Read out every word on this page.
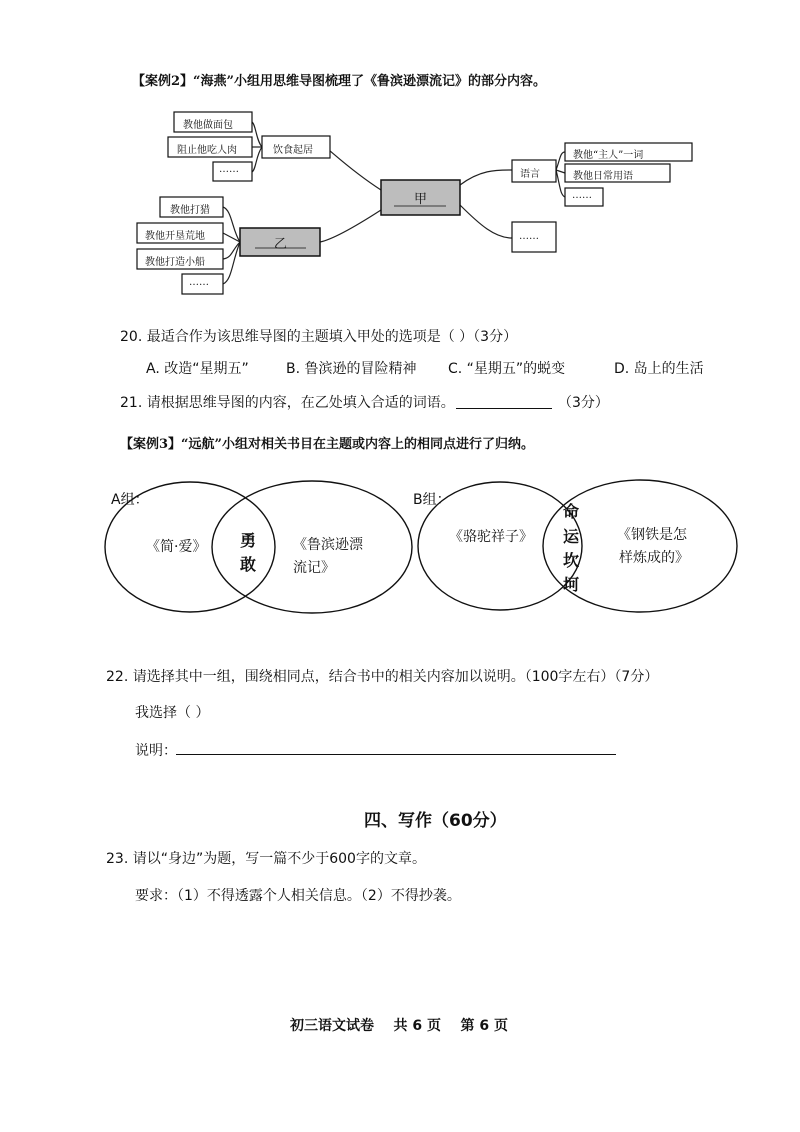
【案例2】“海燕”小组用思维导图梳理了《鲁滨逊漂流记》的部分内容。
教他做面包
阻止他吃人肉
……
饮食起居
甲
乙
教他打猎
教他开垦荒地
教他打造小船
……
语言
教他“主人”一词
教他日常用语
……
……
20. 最适合作为该思维导图的主题填入甲处的选项是（ ）（3分）
A. 改造“星期五”	B. 鲁滨逊的冒险精神 C. “星期五”的蜕变	D. 岛上的生活
21. 请根据思维导图的内容，在乙处填入合适的词语。	（3分）
【案例3】“远航”小组对相关书目在主题或内容上的相同点进行了归纳。
A组：
《简·爱》 勇
敢
《鲁滨逊漂
流记》
B组：
《骆驼祥子》
命
运
坎
坷
《钢铁是怎
样炼成的》
22. 请选择其中一组，围绕相同点，结合书中的相关内容加以说明。（100字左右）（7分）
我选择（ ）
说明：
四、写作（60分）
23. 请以“身边”为题，写一篇不少于600字的文章。
要求：（1）不得透露个人相关信息。（2）不得抄袭。
初三语文试卷    共 6 页    第 6 页
